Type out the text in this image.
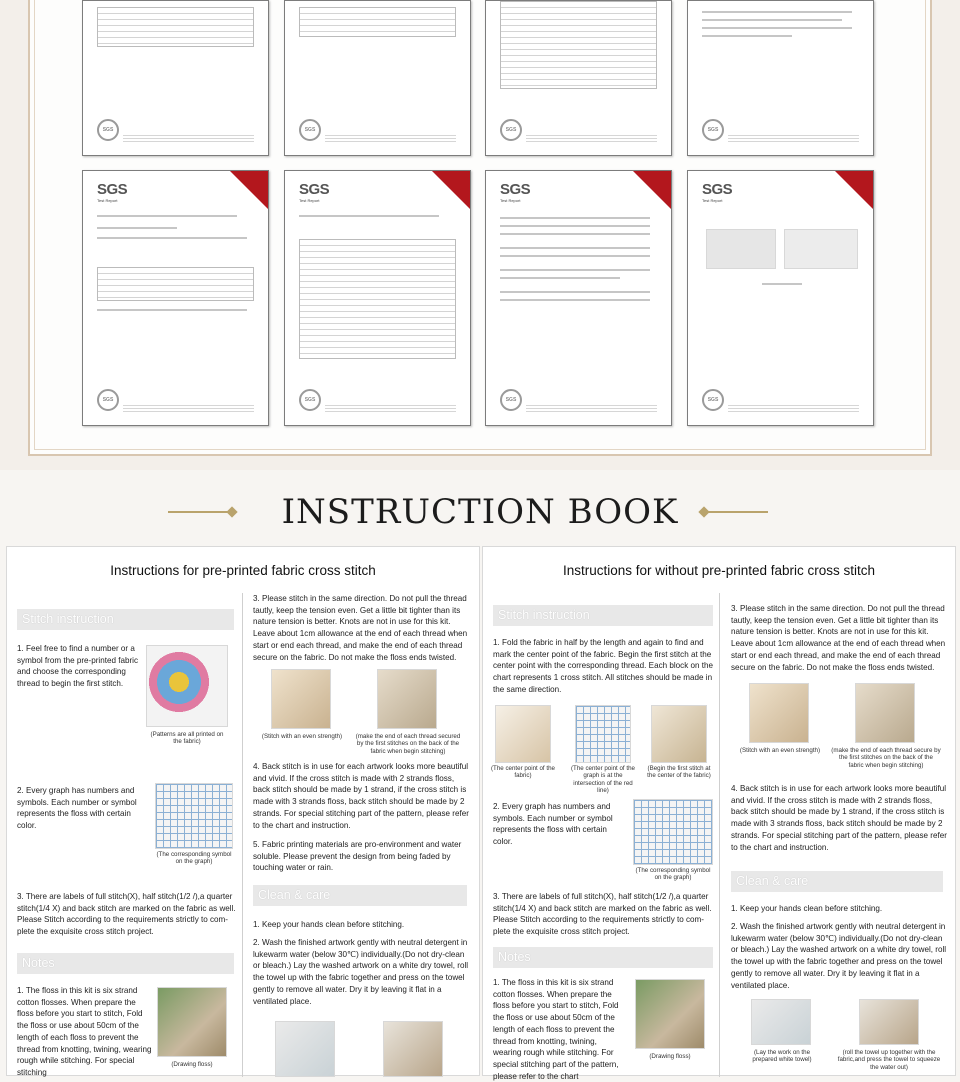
SGS	SGS	SGS	SGS
SGS
Test Report
SGS
SGS
Test Report
SGS
SGS
Test Report
SGS
SGS
Test Report
SGS
INSTRUCTION BOOK
Instructions for pre-printed fabric cross stitch
Stitch instruction
1. Feel free to find a number or a symbol from the pre-printed fabric and choose the corresponding thread to begin the first stitch.
(Patterns are all printed on the fabric)
2. Every graph has numbers and symbols. Each number or symbol represents the floss with certain color.
(The corresponding symbol on the graph)
3. There are labels of full stitch(X), half stitch(1/2 /),a quarter stitch(1/4 X) and back stitch are marked on the fabric as well. Please Stitch according to the requirements strictly to com-plete the exquisite cross stitch project.
Notes
1. The floss in this kit is six strand cotton flosses. When prepare the floss before you start to stitch, Fold the floss or use about 50cm of the length of each floss to prevent the thread from knotting, twining, wearing rough while stitching. For special stitching
(Drawing floss)
3. Please stitch in the same direction. Do not pull the thread tautly, keep the tension even. Get a little bit tighter than its nature tension is better. Knots are not in use for this kit. Leave about 1cm allowance at the end of each thread when start or end each thread, and make the end of each thread secure on the fabric. Do not make the floss ends twisted.
(Stitch with an even strength)	(make the end of each thread secured by the first stitches on the back of the fabric when begin stitching)
4. Back stitch is in use for each artwork looks more beautiful and vivid. If the cross stitch is made with 2 strands floss, back stitch should be made by 1 strand, if the cross stitch is made with 3 strands floss, back stitch should be made by 2 strands. For special stitching part of the pattern, please refer to the chart and instruction.
5. Fabric printing materials are pro-environment and water soluble. Please prevent the design from being faded by touching water or rain.
Clean & care
1. Keep your hands clean before stitching.
2. Wash the finished artwork gently with neutral detergent in lukewarm water (below 30℃) individually.(Do not dry-clean or bleach.) Lay the washed artwork on a white dry towel, roll the towel up with the fabric together and press on the towel gently to remove all water. Dry it by leaving it flat in a ventilated place.
Instructions for without pre-printed fabric cross stitch
Stitch instruction
1. Fold the fabric in half by the length and again to find and mark the center point of the fabric. Begin the first stitch at the center point with the corresponding thread. Each block on the chart represents 1 cross stitch. All stitches should be made in the same direction.
(The center point of the fabric)
(The center point of the graph is at the intersection of the red line)
(Begin the first stitch at the center of the fabric)
2. Every graph has numbers and symbols. Each number or symbol represents the floss with certain color.
(The corresponding symbol on the graph)
3. There are labels of full stitch(X), half stitch(1/2 /),a quarter stitch(1/4 X) and back stitch are marked on the fabric as well. Please Stitch according to the requirements strictly to com-plete the exquisite cross stitch project.
Notes
1. The floss in this kit is six strand cotton flosses. When prepare the floss before you start to stitch, Fold the floss or use about 50cm of the length of each floss to prevent the thread from knotting, twining, wearing rough while stitching. For special stitching part of the pattern, please refer to the chart
(Drawing floss)
3. Please stitch in the same direction. Do not pull the thread tautly, keep the tension even. Get a little bit tighter than its nature tension is better. Knots are not in use for this kit. Leave about 1cm allowance at the end of each thread when start or end each thread, and make the end of each thread secure on the fabric. Do not make the floss ends twisted.
(Stitch with an even strength)	(make the end of each thread secure by the first stitches on the back of the fabric when begin stitching)
4. Back stitch is in use for each artwork looks more beautiful and vivid. If the cross stitch is made with 2 strands floss, back stitch should be made by 1 strand, if the cross stitch is made with 3 strands floss, back stitch should be made by 2 strands. For special stitching part of the pattern, please refer to the chart and instruction.
Clean & care
1. Keep your hands clean before stitching.
2. Wash the finished artwork gently with neutral detergent in lukewarm water (below 30℃) individually.(Do not dry-clean or bleach.) Lay the washed artwork on a white dry towel, roll the towel up with the fabric together and press on the towel gently to remove all water. Dry it by leaving it flat in a ventilated place.
(Lay the work on the prepared white towel)
(roll the towel up together with the fabric,and press the towel to squeeze the water out)
